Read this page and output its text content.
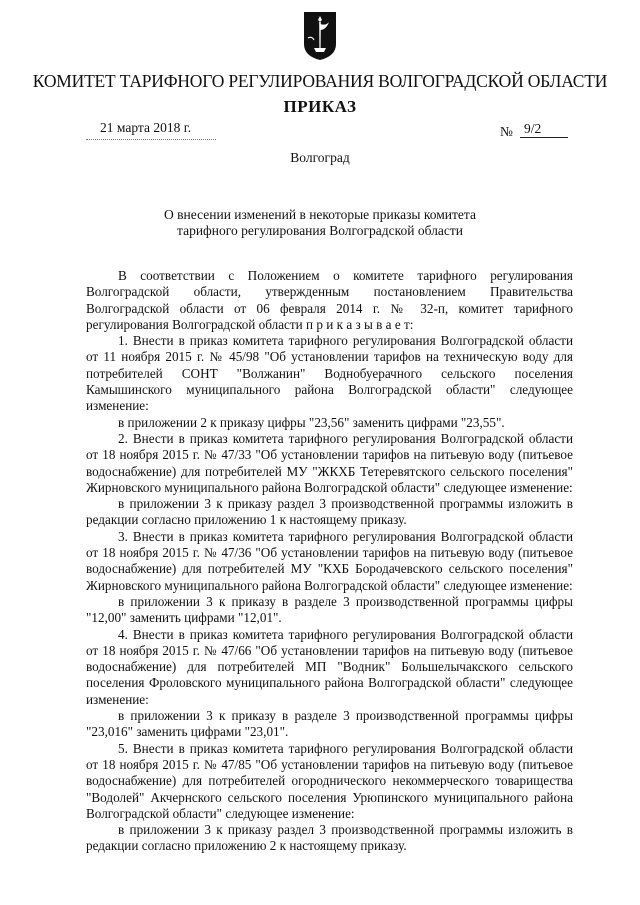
КОМИТЕТ ТАРИФНОГО РЕГУЛИРОВАНИЯ ВОЛГОГРАДСКОЙ ОБЛАСТИ
ПРИКАЗ
21 марта 2018 г.	№ 9/2
Волгоград
О внесении изменений в некоторые приказы комитета
тарифного регулирования Волгоградской области

В соответствии с Положением о комитете тарифного регулирования Волгоградской области, утвержденным постановлением Правительства Волгоградской области от 06 февраля 2014 г. № 32-п, комитет тарифного регулирования Волгоградской области п р и к а з ы в а е т:

1. Внести в приказ комитета тарифного регулирования Волгоградской области от 11 ноября 2015 г. № 45/98 "Об установлении тарифов на техническую воду для потребителей СОНТ "Волжанин" Воднобуерачного сельского поселения Камышинского муниципального района Волгоградской области" следующее изменение:

в приложении 2 к приказу цифры "23,56" заменить цифрами "23,55".

2. Внести в приказ комитета тарифного регулирования Волгоградской области от 18 ноября 2015 г. № 47/33 "Об установлении тарифов на питьевую воду (питьевое водоснабжение) для потребителей МУ "ЖКХБ Тетеревятского сельского поселения" Жирновского муниципального района Волгоградской области" следующее изменение:

в приложении 3 к приказу раздел 3 производственной программы изложить в редакции согласно приложению 1 к настоящему приказу.

3. Внести в приказ комитета тарифного регулирования Волгоградской области от 18 ноября 2015 г. № 47/36 "Об установлении тарифов на питьевую воду (питьевое водоснабжение) для потребителей МУ "КХБ Бородачевского сельского поселения" Жирновского муниципального района Волгоградской области" следующее изменение:

в приложении 3 к приказу в разделе 3 производственной программы цифры "12,00" заменить цифрами "12,01".

4. Внести в приказ комитета тарифного регулирования Волгоградской области от 18 ноября 2015 г. № 47/66 "Об установлении тарифов на питьевую воду (питьевое водоснабжение) для потребителей МП "Водник" Большелычакского сельского поселения Фроловского муниципального района Волгоградской области" следующее изменение:

в приложении 3 к приказу в разделе 3 производственной программы цифры "23,016" заменить цифрами "23,01".

5. Внести в приказ комитета тарифного регулирования Волгоградской области от 18 ноября 2015 г. № 47/85 "Об установлении тарифов на питьевую воду (питьевое водоснабжение) для потребителей огороднического некоммерческого товарищества "Водолей" Акчернского сельского поселения Урюпинского муниципального района Волгоградской области" следующее изменение:

в приложении 3 к приказу раздел 3 производственной программы изложить в редакции согласно приложению 2 к настоящему приказу.
